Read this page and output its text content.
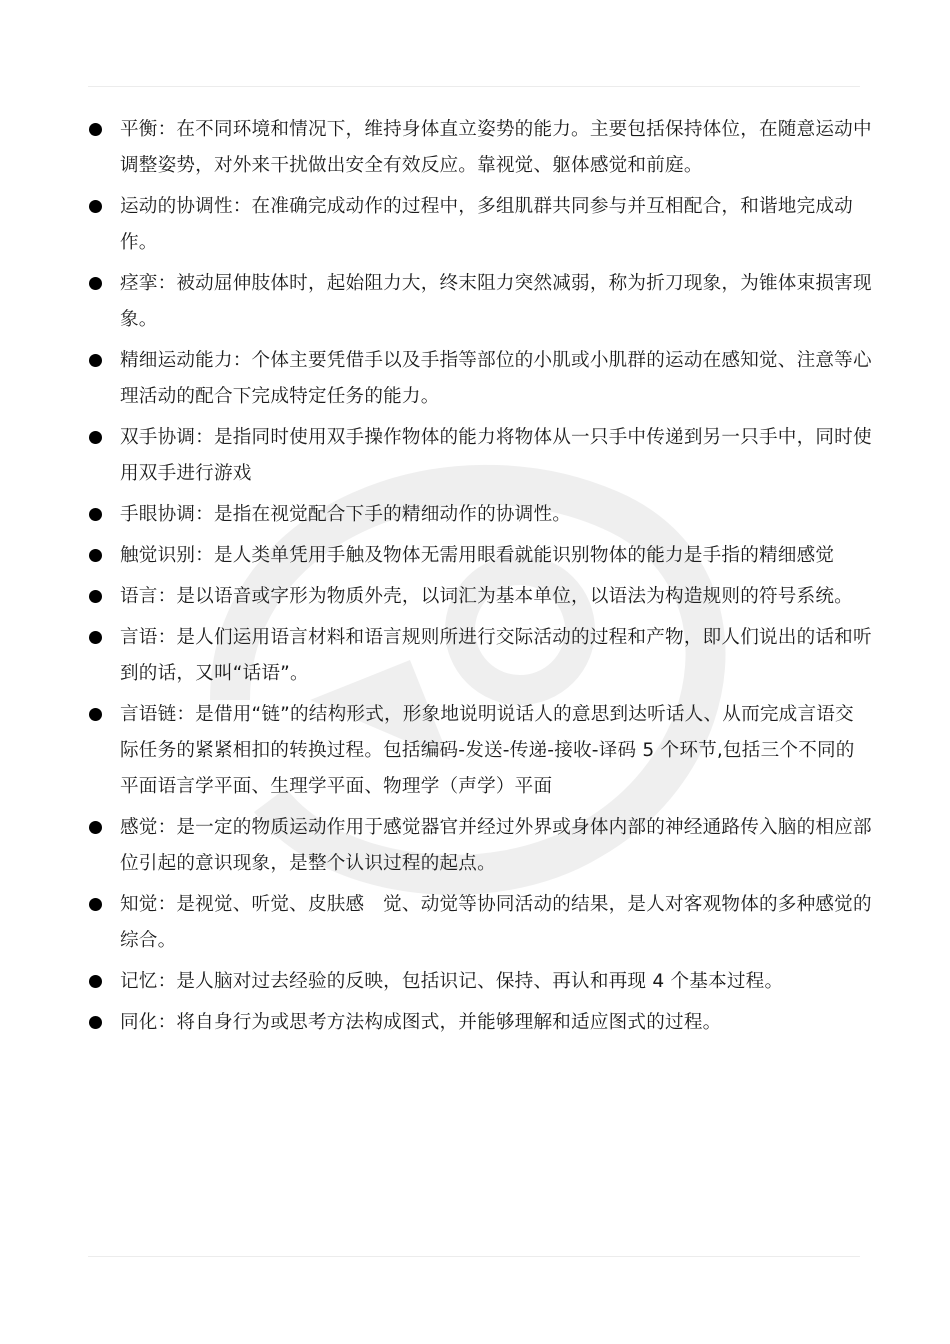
平衡：在不同环境和情况下，维持身体直立姿势的能力。主要包括保持体位，在随意运动中调整姿势，对外来干扰做出安全有效反应。靠视觉、躯体感觉和前庭。
运动的协调性：在准确完成动作的过程中，多组肌群共同参与并互相配合，和谐地完成动作。
痉挛：被动屈伸肢体时，起始阻力大，终末阻力突然减弱，称为折刀现象，为锥体束损害现象。
精细运动能力：个体主要凭借手以及手指等部位的小肌或小肌群的运动在感知觉、注意等心理活动的配合下完成特定任务的能力。
双手协调：是指同时使用双手操作物体的能力将物体从一只手中传递到另一只手中，同时使用双手进行游戏
手眼协调：是指在视觉配合下手的精细动作的协调性。
触觉识别：是人类单凭用手触及物体无需用眼看就能识别物体的能力是手指的精细感觉
语言：是以语音或字形为物质外壳，以词汇为基本单位，以语法为构造规则的符号系统。
言语：是人们运用语言材料和语言规则所进行交际活动的过程和产物，即人们说出的话和听到的话，又叫“话语”。
言语链：是借用“链”的结构形式，形象地说明说话人的意思到达听话人、从而完成言语交际任务的紧紧相扣的转换过程。包括编码-发送-传递-接收-译码 5 个环节,包括三个不同的平面语言学平面、生理学平面、物理学（声学）平面
感觉：是一定的物质运动作用于感觉器官并经过外界或身体内部的神经通路传入脑的相应部位引起的意识现象，是整个认识过程的起点。
知觉：是视觉、听觉、皮肤感　觉、动觉等协同活动的结果，是人对客观物体的多种感觉的综合。
记忆：是人脑对过去经验的反映，包括识记、保持、再认和再现 4 个基本过程。
同化：将自身行为或思考方法构成图式，并能够理解和适应图式的过程。
